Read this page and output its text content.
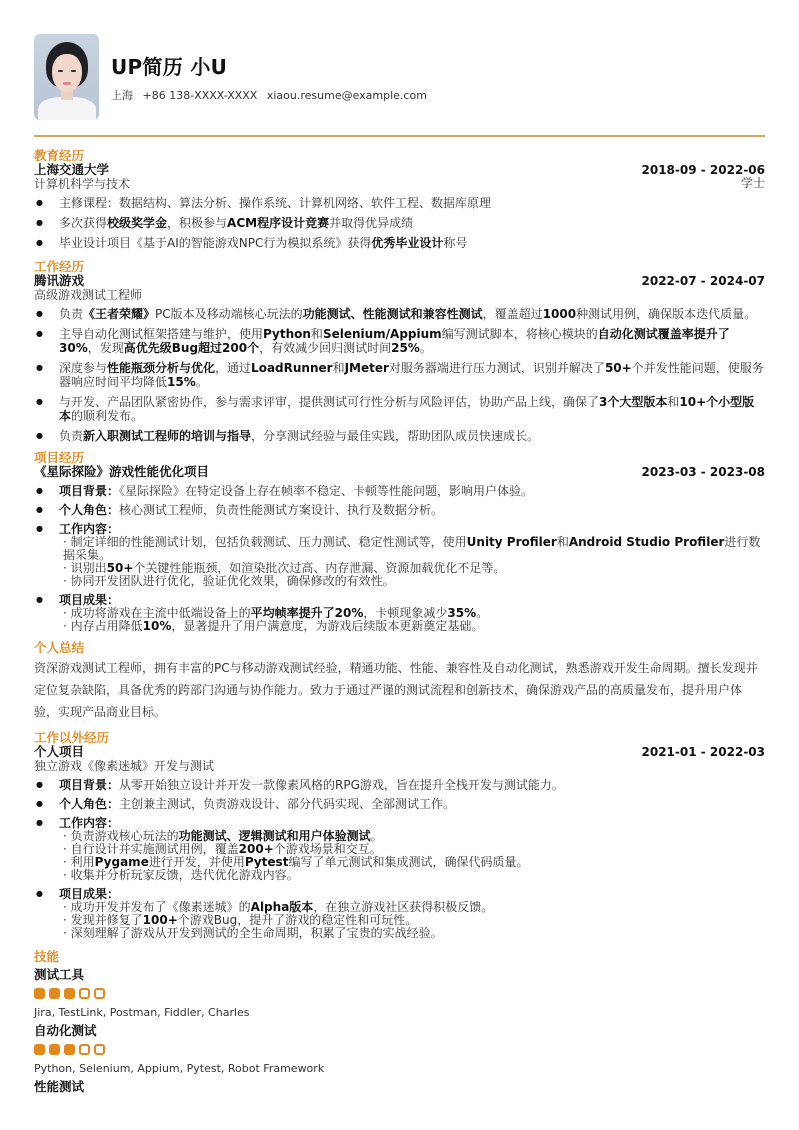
UP简历 小U
上海 +86 138-XXXX-XXXX xiaou.resume@example.com
教育经历
上海交通大学
计算机科学与技术
2018-09 - 2022-06
学士
● 主修课程：数据结构、算法分析、操作系统、计算机网络、软件工程、数据库原理
● 多次获得校级奖学金，积极参与ACM程序设计竞赛并取得优异成绩
● 毕业设计项目《基于AI的智能游戏NPC行为模拟系统》获得优秀毕业设计称号
工作经历
腾讯游戏
高级游戏测试工程师
2022-07 - 2024-07
● 负责《王者荣耀》PC版本及移动端核心玩法的功能测试、性能测试和兼容性测试，覆盖超过1000种测试用例，确保版本迭代质量。
● 主导自动化测试框架搭建与维护，使用Python和Selenium/Appium编写测试脚本，将核心模块的自动化测试覆盖率提升了30%，发现高优先级Bug超过200个，有效减少回归测试时间25%。
● 深度参与性能瓶颈分析与优化，通过LoadRunner和JMeter对服务器端进行压力测试，识别并解决了50+个并发性能问题，使服务器响应时间平均降低15%。
● 与开发、产品团队紧密协作，参与需求评审，提供测试可行性分析与风险评估，协助产品上线，确保了3个大型版本和10+个小型版本的顺利发布。
● 负责新入职测试工程师的培训与指导，分享测试经验与最佳实践，帮助团队成员快速成长。
项目经历
《星际探险》游戏性能优化项目	2023-03 - 2023-08
● 项目背景：《星际探险》在特定设备上存在帧率不稳定、卡顿等性能问题，影响用户体验。
● 个人角色：核心测试工程师，负责性能测试方案设计、执行及数据分析。
● 工作内容：
· 制定详细的性能测试计划，包括负载测试、压力测试、稳定性测试等，使用Unity Profiler和Android Studio Profiler进行数据采集。
· 识别出50+个关键性能瓶颈，如渲染批次过高、内存泄漏、资源加载优化不足等。
· 协同开发团队进行优化，验证优化效果，确保修改的有效性。
● 项目成果：
· 成功将游戏在主流中低端设备上的平均帧率提升了20%，卡顿现象减少35%。
· 内存占用降低10%，显著提升了用户满意度，为游戏后续版本更新奠定基础。
个人总结
资深游戏测试工程师，拥有丰富的PC与移动游戏测试经验，精通功能、性能、兼容性及自动化测试，熟悉游戏开发生命周期。擅长发现并定位复杂缺陷，具备优秀的跨部门沟通与协作能力。致力于通过严谨的测试流程和创新技术，确保游戏产品的高质量发布，提升用户体验，实现产品商业目标。
工作以外经历
个人项目
独立游戏《像素迷城》开发与测试
2021-01 - 2022-03
● 项目背景：从零开始独立设计并开发一款像素风格的RPG游戏，旨在提升全栈开发与测试能力。
● 个人角色：主创兼主测试，负责游戏设计、部分代码实现、全部测试工作。
● 工作内容：
· 负责游戏核心玩法的功能测试、逻辑测试和用户体验测试。
· 自行设计并实施测试用例，覆盖200+个游戏场景和交互。
· 利用Pygame进行开发，并使用Pytest编写了单元测试和集成测试，确保代码质量。
· 收集并分析玩家反馈，迭代优化游戏内容。
● 项目成果：
· 成功开发并发布了《像素迷城》的Alpha版本，在独立游戏社区获得积极反馈。
· 发现并修复了100+个游戏Bug，提升了游戏的稳定性和可玩性。
· 深刻理解了游戏从开发到测试的全生命周期，积累了宝贵的实战经验。
技能
测试工具
Jira, TestLink, Postman, Fiddler, Charles
自动化测试
Python, Selenium, Appium, Pytest, Robot Framework
性能测试
